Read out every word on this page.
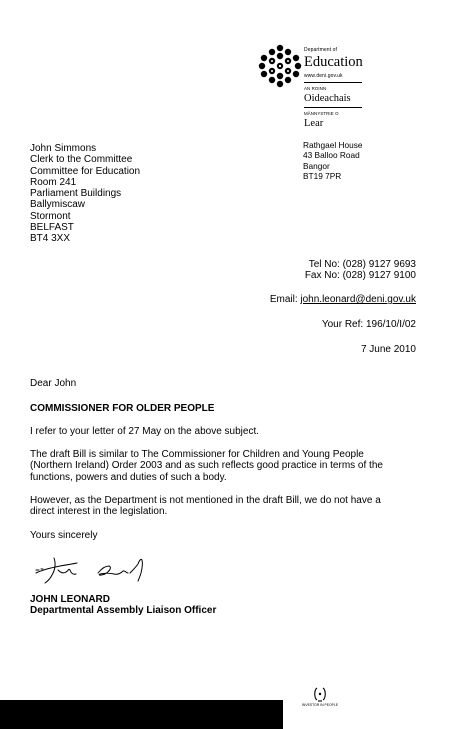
Department of
Education
www.deni.gov.uk
AN ROINN
Oideachais
MÄNNYSTRIE O
Lear
Rathgael House
43 Balloo Road
Bangor
BT19 7PR
John Simmons
Clerk to the Committee
Committee for Education
Room 241
Parliament Buildings
Ballymiscaw
Stormont
BELFAST
BT4 3XX
Tel No: (028) 9127 9693
Fax No: (028) 9127 9100
Email: john.leonard@deni.gov.uk
Your Ref: 196/10/I/02
7 June 2010
Dear John
COMMISSIONER FOR OLDER PEOPLE
I refer to your letter of 27 May on the above subject.
The draft Bill is similar to The Commissioner for Children and Young People
(Northern Ireland) Order 2003 and as such reflects good practice in terms of the
functions, powers and duties of such a body.
However, as the Department is not mentioned in the draft Bill, we do not have a
direct interest in the legislation.
Yours sincerely
JOHN LEONARD
Departmental Assembly Liaison Officer
INVESTOR IN PEOPLE
